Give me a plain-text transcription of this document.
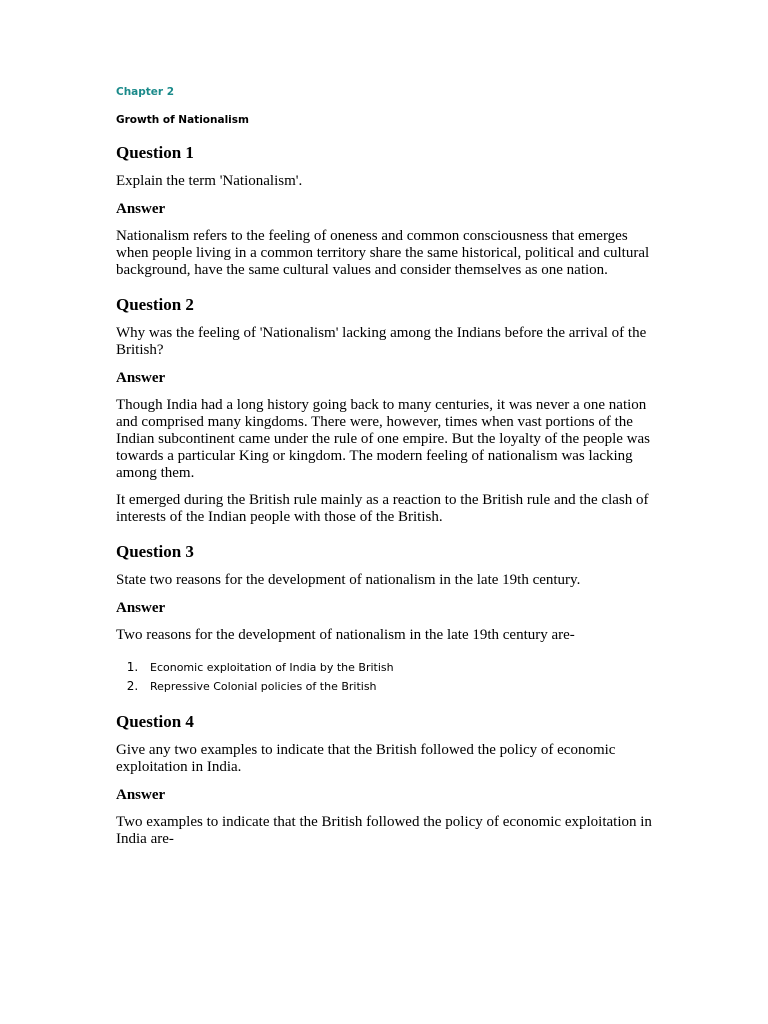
Chapter 2

Growth of Nationalism

Question 1

Explain the term 'Nationalism'.

Answer

Nationalism refers to the feeling of oneness and common consciousness that emerges when people living in a common territory share the same historical, political and cultural background, have the same cultural values and consider themselves as one nation.

Question 2

Why was the feeling of 'Nationalism' lacking among the Indians before the arrival of the British?

Answer

Though India had a long history going back to many centuries, it was never a one nation and comprised many kingdoms. There were, however, times when vast portions of the Indian subcontinent came under the rule of one empire. But the loyalty of the people was towards a particular King or kingdom. The modern feeling of nationalism was lacking among them.

It emerged during the British rule mainly as a reaction to the British rule and the clash of interests of the Indian people with those of the British.

Question 3

State two reasons for the development of nationalism in the late 19th century.

Answer

Two reasons for the development of nationalism in the late 19th century are-

1. Economic exploitation of India by the British
2. Repressive Colonial policies of the British
Question 4

Give any two examples to indicate that the British followed the policy of economic exploitation in India.

Answer

Two examples to indicate that the British followed the policy of economic exploitation in India are-
